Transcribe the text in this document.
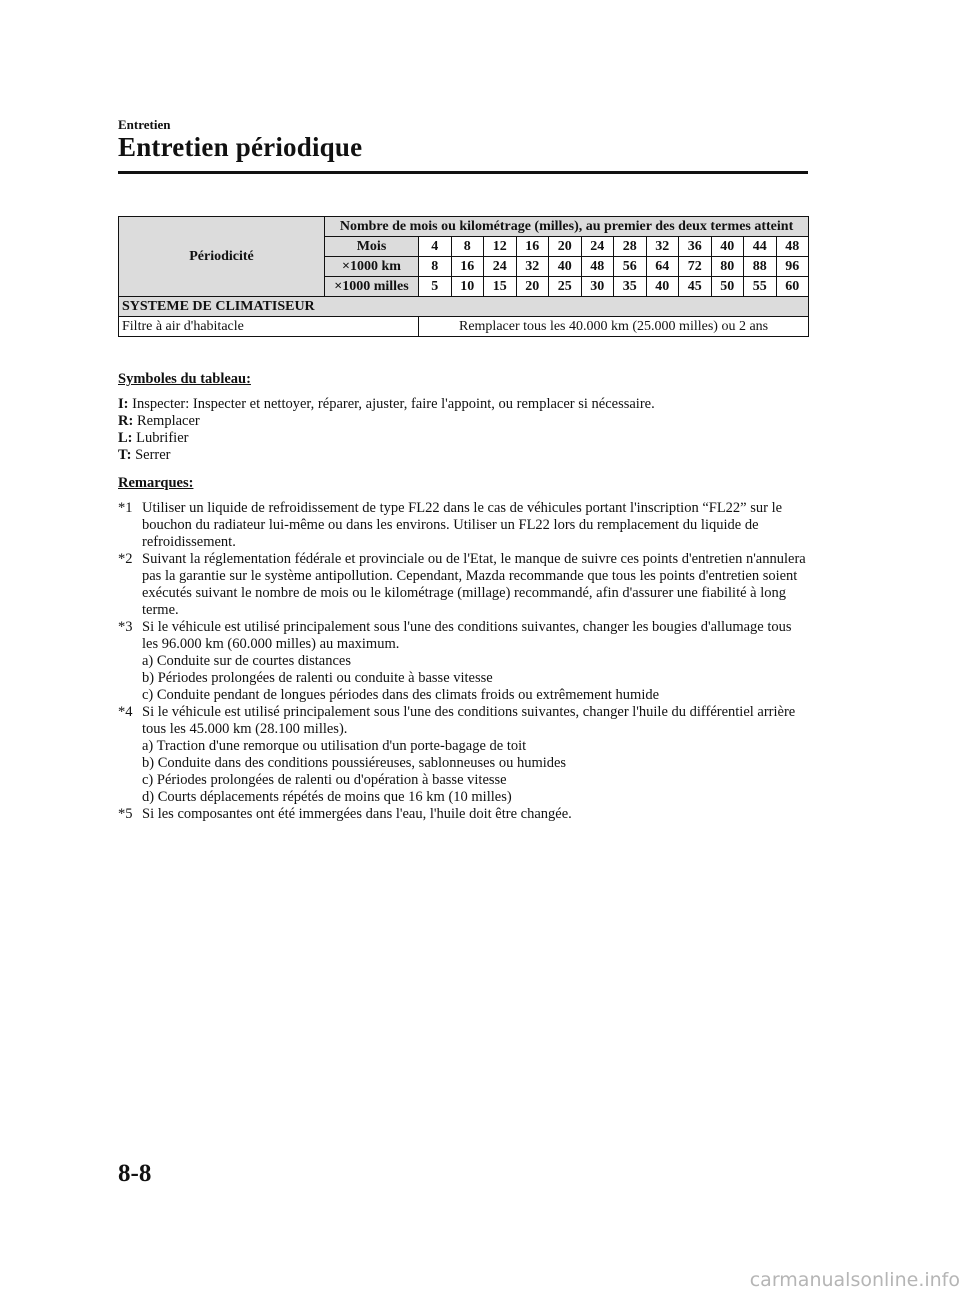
Entretien
Entretien périodique
Périodicité	Nombre de mois ou kilométrage (milles), au premier des deux termes atteint												
	Mois	4	8	12	16	20	24	28	32	36	40	44	48
	×1000 km	8	16	24	32	40	48	56	64	72	80	88	96
	×1000 milles	5	10	15	20	25	30	35	40	45	50	55	60
SYSTEME DE CLIMATISEUR													
Filtre à air d'habitacle		Remplacer tous les 40.000 km (25.000 milles) ou 2 ans											
Symboles du tableau:
I: Inspecter: Inspecter et nettoyer, réparer, ajuster, faire l'appoint, ou remplacer si nécessaire.
R: Remplacer
L: Lubrifier
T: Serrer
Remarques:
*1 Utiliser un liquide de refroidissement de type FL22 dans le cas de véhicules portant l'inscription “FL22” sur le bouchon du radiateur lui-même ou dans les environs. Utiliser un FL22 lors du remplacement du liquide de refroidissement.
*2 Suivant la réglementation fédérale et provinciale ou de l'Etat, le manque de suivre ces points d'entretien n'annulera pas la garantie sur le système antipollution. Cependant, Mazda recommande que tous les points d'entretien soient exécutés suivant le nombre de mois ou le kilométrage (millage) recommandé, afin d'assurer une fiabilité à long terme.
*3 Si le véhicule est utilisé principalement sous l'une des conditions suivantes, changer les bougies d'allumage tous les 96.000 km (60.000 milles) au maximum.
a) Conduite sur de courtes distances
b) Périodes prolongées de ralenti ou conduite à basse vitesse
c) Conduite pendant de longues périodes dans des climats froids ou extrêmement humide
*4 Si le véhicule est utilisé principalement sous l'une des conditions suivantes, changer l'huile du différentiel arrière tous les 45.000 km (28.100 milles).
a) Traction d'une remorque ou utilisation d'un porte-bagage de toit
b) Conduite dans des conditions poussiéreuses, sablonneuses ou humides
c) Périodes prolongées de ralenti ou d'opération à basse vitesse
d) Courts déplacements répétés de moins que 16 km (10 milles)
*5 Si les composantes ont été immergées dans l'eau, l'huile doit être changée.
8-8
carmanualsonline.info
